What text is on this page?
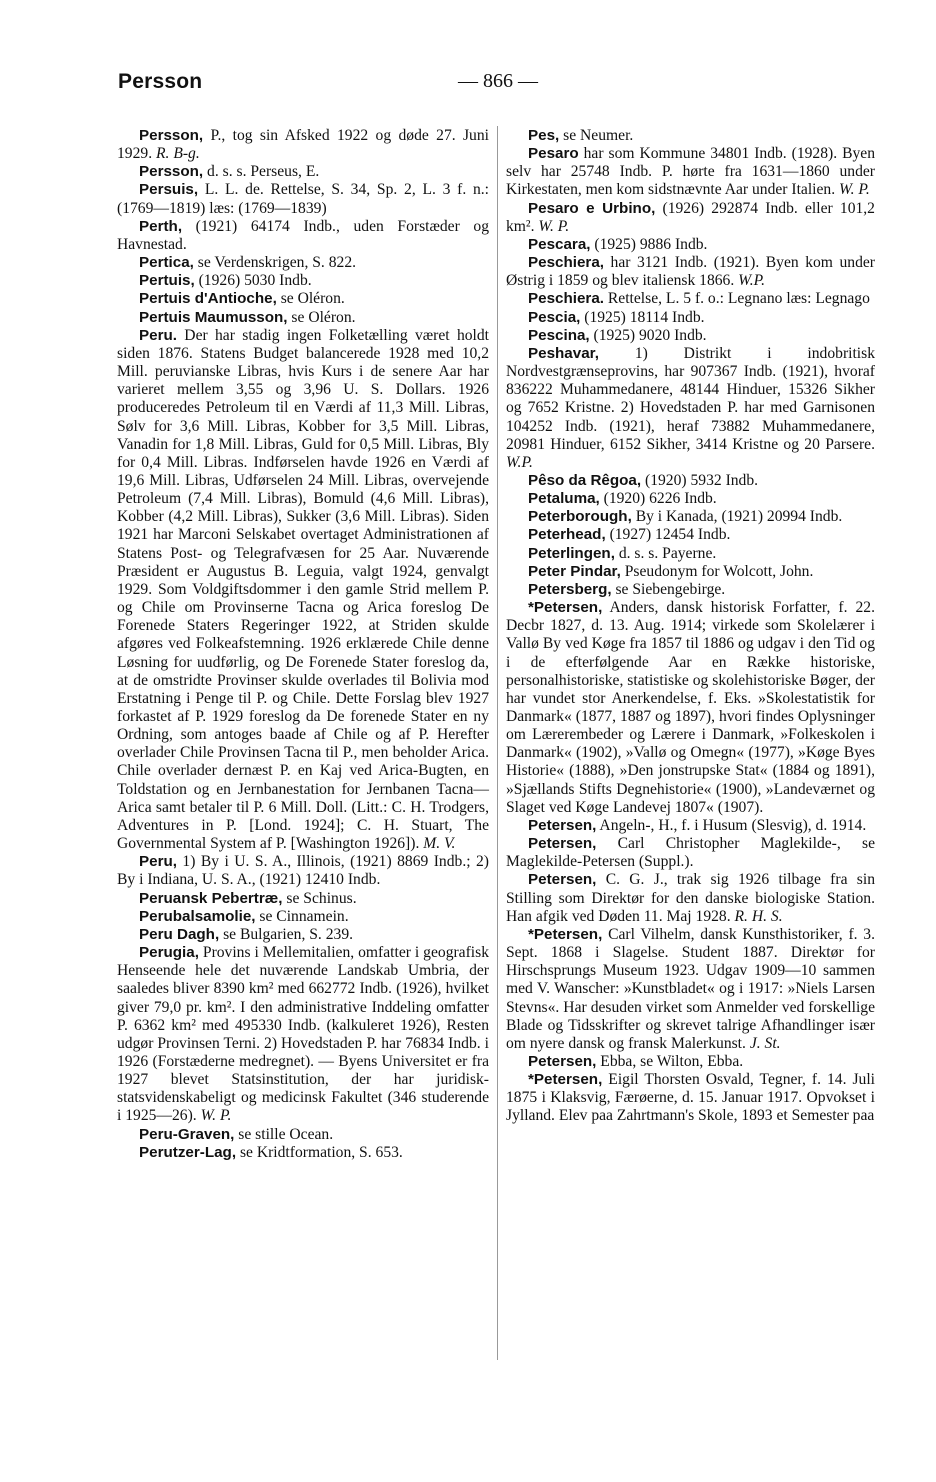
Persson	— 866 —

Persson, P., tog sin Afsked 1922 og døde 27. Juni 1929. R. B-g.

Persson, d. s. s. Perseus, E.

Persuis, L. L. de. Rettelse, S. 34, Sp. 2, L. 3 f. n.: (1769—1819) læs: (1769—1839)

Perth, (1921) 64174 Indb., uden Forstæder og Havnestad.

Pertica, se Verdenskrigen, S. 822.

Pertuis, (1926) 5030 Indb.

Pertuis d'Antioche, se Oléron.

Pertuis Maumusson, se Oléron.

Peru. Der har stadig ingen Folketælling været holdt siden 1876. Statens Budget balancerede 1928 med 10,2 Mill. peruvianske Libras, hvis Kurs i de senere Aar har varieret mellem 3,55 og 3,96 U. S. Dollars. 1926 produceredes Petroleum til en Værdi af 11,3 Mill. Libras, Sølv for 3,6 Mill. Libras, Kobber for 3,5 Mill. Libras, Vanadin for 1,8 Mill. Libras, Guld for 0,5 Mill. Libras, Bly for 0,4 Mill. Libras. Indførselen havde 1926 en Værdi af 19,6 Mill. Libras, Udførselen 24 Mill. Libras, overvejende Petroleum (7,4 Mill. Libras), Bomuld (4,6 Mill. Libras), Kobber (4,2 Mill. Libras), Sukker (3,6 Mill. Libras). Siden 1921 har Marconi Selskabet overtaget Administrationen af Statens Post- og Telegrafvæsen for 25 Aar. Nuværende Præsident er Augustus B. Leguia, valgt 1924, genvalgt 1929. Som Voldgiftsdommer i den gamle Strid mellem P. og Chile om Provinserne Tacna og Arica foreslog De Forenede Staters Regeringer 1922, at Striden skulde afgøres ved Folkeafstemning. 1926 erklærede Chile denne Løsning for uudførlig, og De Forenede Stater foreslog da, at de omstridte Provinser skulde overlades til Bolivia mod Erstatning i Penge til P. og Chile. Dette Forslag blev 1927 forkastet af P. 1929 foreslog da De forenede Stater en ny Ordning, som antoges baade af Chile og af P. Herefter overlader Chile Provinsen Tacna til P., men beholder Arica. Chile overlader dernæst P. en Kaj ved Arica-Bugten, en Toldstation og en Jernbanestation for Jernbanen Tacna—Arica samt betaler til P. 6 Mill. Doll. (Litt.: C. H. Trodgers, Adventures in P. [Lond. 1924]; C. H. Stuart, The Governmental System af P. [Washington 1926]). M. V.

Peru, 1) By i U. S. A., Illinois, (1921) 8869 Indb.; 2) By i Indiana, U. S. A., (1921) 12410 Indb.

Peruansk Pebertræ, se Schinus.

Perubalsamolie, se Cinnamein.

Peru Dagh, se Bulgarien, S. 239.

Perugia, Provins i Mellemitalien, omfatter i geografisk Henseende hele det nuværende Landskab Umbria, der saaledes bliver 8390 km² med 662772 Indb. (1926), hvilket giver 79,0 pr. km². I den administrative Inddeling omfatter P. 6362 km² med 495330 Indb. (kalkuleret 1926), Resten udgør Provinsen Terni. 2) Hovedstaden P. har 76834 Indb. i 1926 (Forstæderne medregnet). — Byens Universitet er fra 1927 blevet Statsinstitution, der har juridisk-statsvidenskabeligt og medicinsk Fakultet (346 studerende i 1925—26). W. P.

Peru-Graven, se stille Ocean.

Perutzer-Lag, se Kridtformation, S. 653.

Pes, se Neumer.

Pesaro har som Kommune 34801 Indb. (1928). Byen selv har 25748 Indb. P. hørte fra 1631—1860 under Kirkestaten, men kom sidstnævnte Aar under Italien. W. P.

Pesaro e Urbino, (1926) 292874 Indb. eller 101,2 km². W. P.

Pescara, (1925) 9886 Indb.

Peschiera, har 3121 Indb. (1921). Byen kom under Østrig i 1859 og blev italiensk 1866. W.P.

Peschiera. Rettelse, L. 5 f. o.: Legnano læs: Legnago

Pescia, (1925) 18114 Indb.

Pescina, (1925) 9020 Indb.

Peshavar, 1) Distrikt i indobritisk Nordvestgrænseprovins, har 907367 Indb. (1921), hvoraf 836222 Muhammedanere, 48144 Hinduer, 15326 Sikher og 7652 Kristne. 2) Hovedstaden P. har med Garnisonen 104252 Indb. (1921), heraf 73882 Muhammedanere, 20981 Hinduer, 6152 Sikher, 3414 Kristne og 20 Parsere. W.P.

Pêso da Rêgoa, (1920) 5932 Indb.

Petaluma, (1920) 6226 Indb.

Peterborough, By i Kanada, (1921) 20994 Indb.

Peterhead, (1927) 12454 Indb.

Peterlingen, d. s. s. Payerne.

Peter Pindar, Pseudonym for Wolcott, John.

Petersberg, se Siebengebirge.

*Petersen, Anders, dansk historisk Forfatter, f. 22. Decbr 1827, d. 13. Aug. 1914; virkede som Skolelærer i Vallø By ved Køge fra 1857 til 1886 og udgav i den Tid og i de efterfølgende Aar en Række historiske, personalhistoriske, statistiske og skolehistoriske Bøger, der har vundet stor Anerkendelse, f. Eks. »Skolestatistik for Danmark« (1877, 1887 og 1897), hvori findes Oplysninger om Lærerembeder og Lærere i Danmark, »Folkeskolen i Danmark« (1902), »Vallø og Omegn« (1977), »Køge Byes Historie« (1888), »Den jonstrupske Stat« (1884 og 1891), »Sjællands Stifts Degnehistorie« (1900), »Landeværnet og Slaget ved Køge Landevej 1807« (1907).

Petersen, Angeln-, H., f. i Husum (Slesvig), d. 1914.

Petersen, Carl Christopher Maglekilde-, se Maglekilde-Petersen (Suppl.).

Petersen, C. G. J., trak sig 1926 tilbage fra sin Stilling som Direktør for den danske biologiske Station. Han afgik ved Døden 11. Maj 1928. R. H. S.

*Petersen, Carl Vilhelm, dansk Kunsthistoriker, f. 3. Sept. 1868 i Slagelse. Student 1887. Direktør for Hirschsprungs Museum 1923. Udgav 1909—10 sammen med V. Wanscher: »Kunstbladet« og i 1917: »Niels Larsen Stevns«. Har desuden virket som Anmelder ved forskellige Blade og Tidsskrifter og skrevet talrige Afhandlinger især om nyere dansk og fransk Malerkunst. J. St.

Petersen, Ebba, se Wilton, Ebba.

*Petersen, Eigil Thorsten Osvald, Tegner, f. 14. Juli 1875 i Klaksvig, Færøerne, d. 15. Januar 1917. Opvokset i Jylland. Elev paa Zahrtmann's Skole, 1893 et Semester paa
